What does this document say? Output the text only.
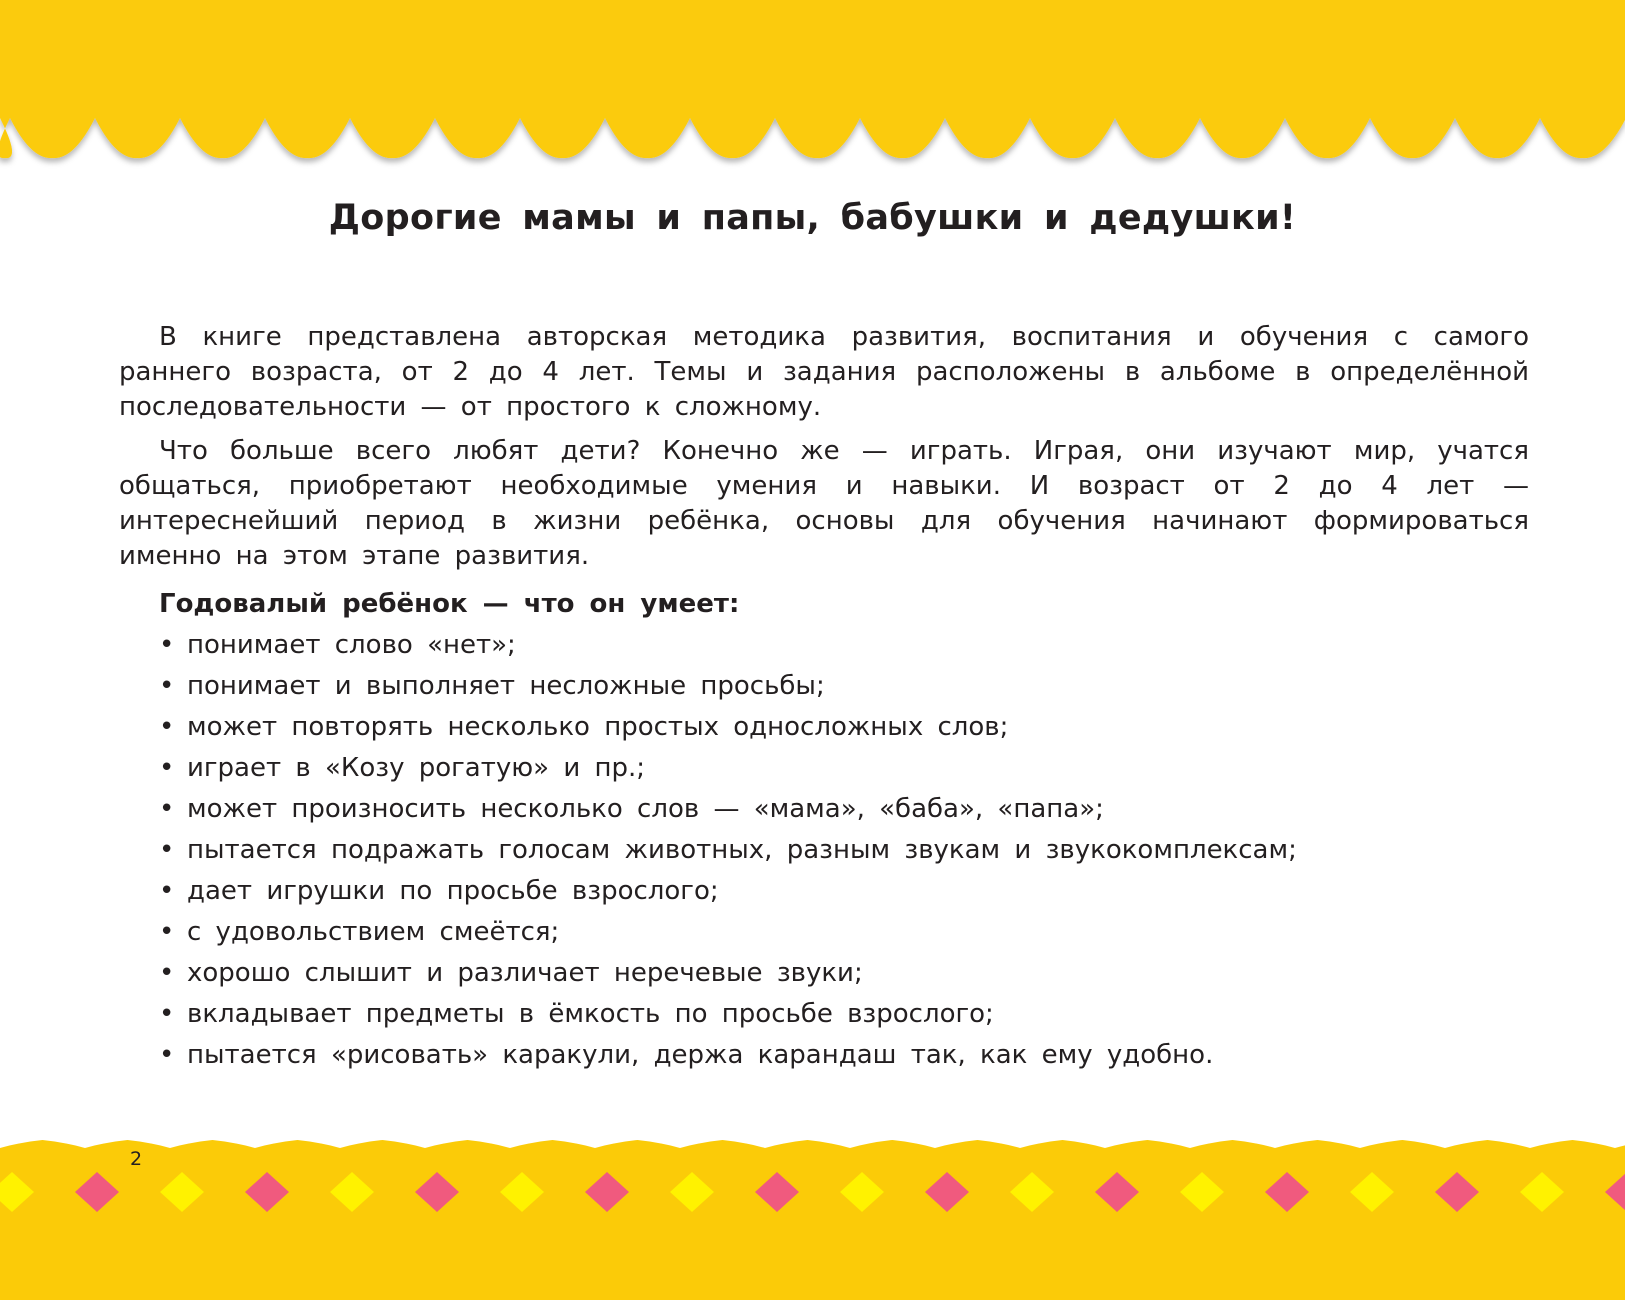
Дорогие мамы и папы, бабушки и дедушки!

В книге представлена авторская методика развития, воспитания и обучения с самого раннего возраста, от 2 до 4 лет. Темы и задания расположены в альбоме в определённой последовательности — от простого к сложному.

Что больше всего любят дети? Конечно же — играть. Играя, они изучают мир, учатся общаться, приобретают необходимые умения и навыки. И возраст от 2 до 4 лет — интереснейший период в жизни ребёнка, основы для обучения начинают формироваться именно на этом этапе развития.

Годовалый ребёнок — что он умеет:
• понимает слово «нет»;
• понимает и выполняет несложные просьбы;
• может повторять несколько простых односложных слов;
• играет в «Козу рогатую» и пр.;
• может произносить несколько слов — «мама», «баба», «папа»;
• пытается подражать голосам животных, разным звукам и звукокомплексам;
• дает игрушки по просьбе взрослого;
• с удовольствием смеётся;
• хорошо слышит и различает неречевые звуки;
• вкладывает предметы в ёмкость по просьбе взрослого;
• пытается «рисовать» каракули, держа карандаш так, как ему удобно.
2
